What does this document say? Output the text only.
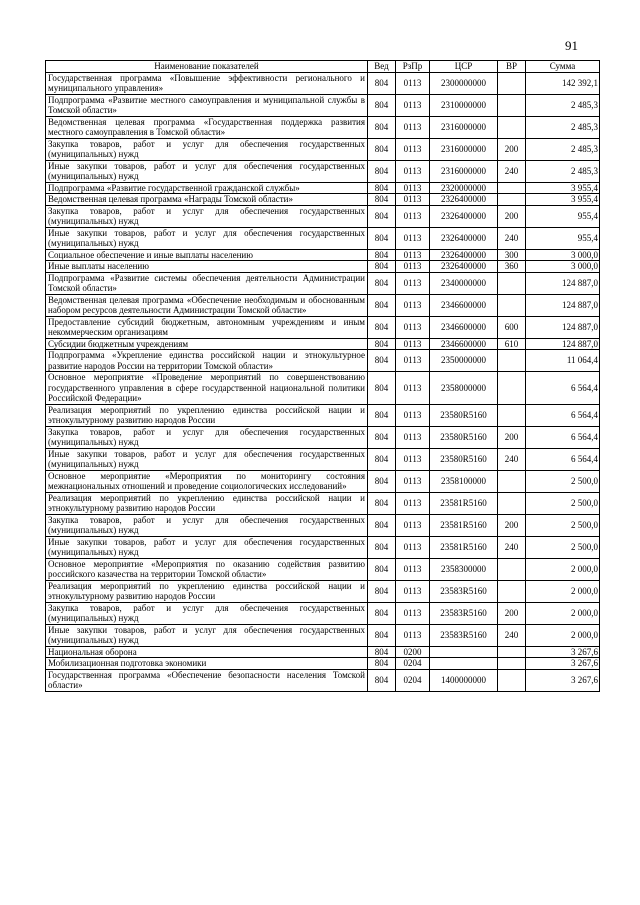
91
Наименование показателей	Вед	РзПр	ЦСР	ВР	Сумма
Государственная программа «Повышение эффективности регионального и муниципального управления»	804	0113	2300000000		142 392,1
Подпрограмма «Развитие местного самоуправления и муниципальной службы в Томской области»	804	0113	2310000000		2 485,3
Ведомственная целевая программа «Государственная поддержка развития местного самоуправления в Томской области»	804	0113	2316000000		2 485,3
Закупка товаров, работ и услуг для обеспечения государственных (муниципальных) нужд	804	0113	2316000000	200	2 485,3
Иные закупки товаров, работ и услуг для обеспечения государственных (муниципальных) нужд	804	0113	2316000000	240	2 485,3
Подпрограмма «Развитие государственной гражданской службы»	804	0113	2320000000		3 955,4
Ведомственная целевая программа «Награды Томской области»	804	0113	2326400000		3 955,4
Закупка товаров, работ и услуг для обеспечения государственных (муниципальных) нужд	804	0113	2326400000	200	955,4
Иные закупки товаров, работ и услуг для обеспечения государственных (муниципальных) нужд	804	0113	2326400000	240	955,4
Социальное обеспечение и иные выплаты населению	804	0113	2326400000	300	3 000,0
Иные выплаты населению	804	0113	2326400000	360	3 000,0
Подпрограмма «Развитие системы обеспечения деятельности Администрации Томской области»	804	0113	2340000000		124 887,0
Ведомственная целевая программа «Обеспечение необходимым и обоснованным набором ресурсов деятельности Администрации Томской области»	804	0113	2346600000		124 887,0
Предоставление субсидий бюджетным, автономным учреждениям и иным некоммерческим организациям	804	0113	2346600000	600	124 887,0
Субсидии бюджетным учреждениям	804	0113	2346600000	610	124 887,0
Подпрограмма «Укрепление единства российской нации и этнокультурное развитие народов России на территории Томской области»	804	0113	2350000000		11 064,4
Основное мероприятие «Проведение мероприятий по совершенствованию государственного управления в сфере государственной национальной политики Российской Федерации»	804	0113	2358000000		6 564,4
Реализация мероприятий по укреплению единства российской нации и этнокультурному развитию народов России	804	0113	23580R5160		6 564,4
Закупка товаров, работ и услуг для обеспечения государственных (муниципальных) нужд	804	0113	23580R5160	200	6 564,4
Иные закупки товаров, работ и услуг для обеспечения государственных (муниципальных) нужд	804	0113	23580R5160	240	6 564,4
Основное мероприятие «Мероприятия по мониторингу состояния межнациональных отношений и проведение социологических исследований»	804	0113	2358100000		2 500,0
Реализация мероприятий по укреплению единства российской нации и этнокультурному развитию народов России	804	0113	23581R5160		2 500,0
Закупка товаров, работ и услуг для обеспечения государственных (муниципальных) нужд	804	0113	23581R5160	200	2 500,0
Иные закупки товаров, работ и услуг для обеспечения государственных (муниципальных) нужд	804	0113	23581R5160	240	2 500,0
Основное мероприятие «Мероприятия по оказанию содействия развитию российского казачества на территории Томской области»	804	0113	2358300000		2 000,0
Реализация мероприятий по укреплению единства российской нации и этнокультурному развитию народов России	804	0113	23583R5160		2 000,0
Закупка товаров, работ и услуг для обеспечения государственных (муниципальных) нужд	804	0113	23583R5160	200	2 000,0
Иные закупки товаров, работ и услуг для обеспечения государственных (муниципальных) нужд	804	0113	23583R5160	240	2 000,0
Национальная оборона	804	0200			3 267,6
Мобилизационная подготовка экономики	804	0204			3 267,6
Государственная программа «Обеспечение безопасности населения Томской области»	804	0204	1400000000		3 267,6
